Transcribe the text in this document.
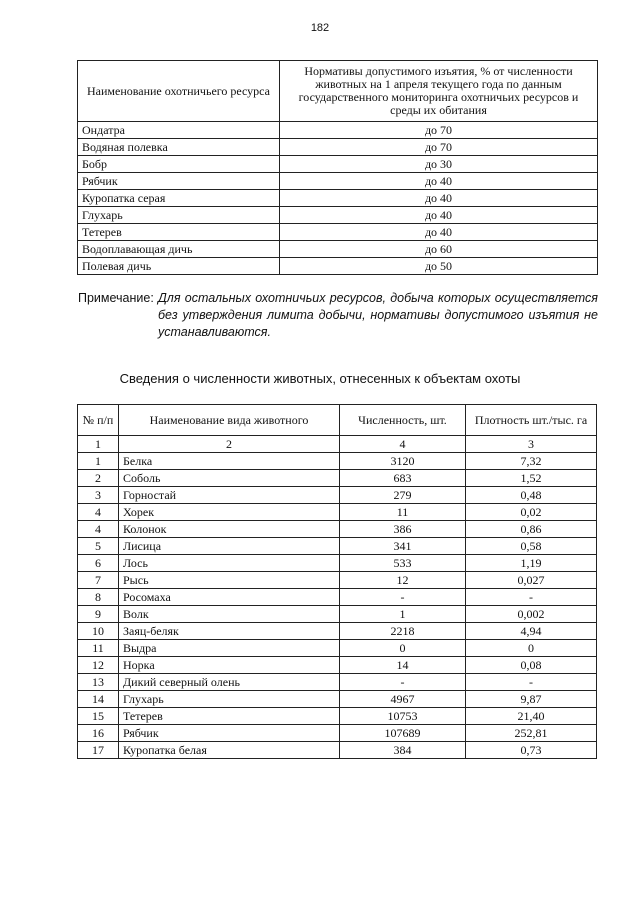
182
Наименование охотничьего ресурса	Нормативы допустимого изъятия, % от численности животных на 1 апреля текущего года по данным государственного мониторинга охотничьих ресурсов и среды их обитания
Ондатра	до 70
Водяная полевка	до 70
Бобр	до 30
Рябчик	до 40
Куропатка серая	до 40
Глухарь	до 40
Тетерев	до 40
Водоплавающая дичь	до 60
Полевая дичь	до 50
Примечание: Для остальных охотничьих ресурсов, добыча которых осуществляется без утверждения лимита добычи, нормативы допустимого изъятия не устанавливаются.
Сведения о численности животных, отнесенных к объектам охоты
№ п/п	Наименование вида животного	Численность, шт.	Плотность шт./тыс. га
1	2	4	3
1	Белка	3120	7,32
2	Соболь	683	1,52
3	Горностай	279	0,48
4	Хорек	11	0,02
4	Колонок	386	0,86
5	Лисица	341	0,58
6	Лось	533	1,19
7	Рысь	12	0,027
8	Росомаха	-	-
9	Волк	1	0,002
10	Заяц-беляк	2218	4,94
11	Выдра	0	0
12	Норка	14	0,08
13	Дикий северный олень	-	-
14	Глухарь	4967	9,87
15	Тетерев	10753	21,40
16	Рябчик	107689	252,81
17	Куропатка белая	384	0,73
